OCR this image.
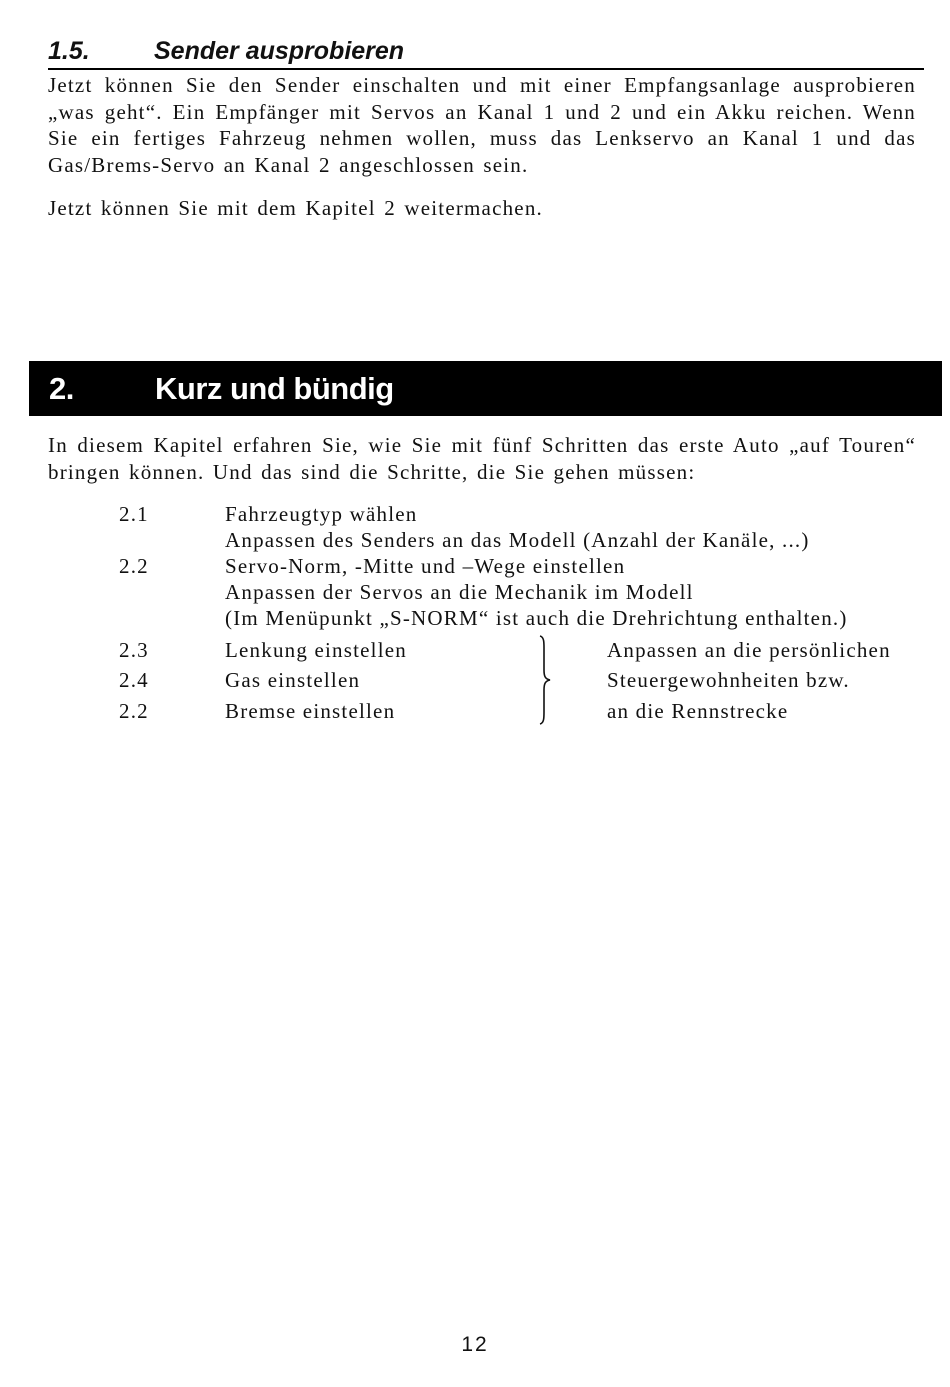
1.5.	Sender ausprobieren
Jetzt können Sie den Sender einschalten und mit einer Empfangsanlage ausprobieren „was geht“. Ein Empfänger mit Servos an Kanal 1 und 2 und ein Akku reichen. Wenn Sie ein fertiges Fahrzeug nehmen wollen, muss das Lenkservo an Kanal 1 und das Gas/Brems-Servo an Kanal 2 angeschlossen sein.
Jetzt können Sie mit dem Kapitel 2 weitermachen.
2.	Kurz und bündig
In diesem Kapitel erfahren Sie, wie Sie mit fünf Schritten das erste Auto „auf Touren“ bringen können. Und das sind die Schritte, die Sie gehen müssen:
2.1	Fahrzeugtyp wählen
Anpassen des Senders an das Modell (Anzahl der Kanäle, ...)
2.2	Servo-Norm, -Mitte und –Wege einstellen
Anpassen der Servos an die Mechanik im Modell
(Im Menüpunkt „S-NORM“ ist auch die Drehrichtung enthalten.)
2.3	Lenkung einstellen	Anpassen an die persönlichen
2.4	Gas einstellen	Steuergewohnheiten bzw.
2.2	Bremse einstellen	an die Rennstrecke
12
